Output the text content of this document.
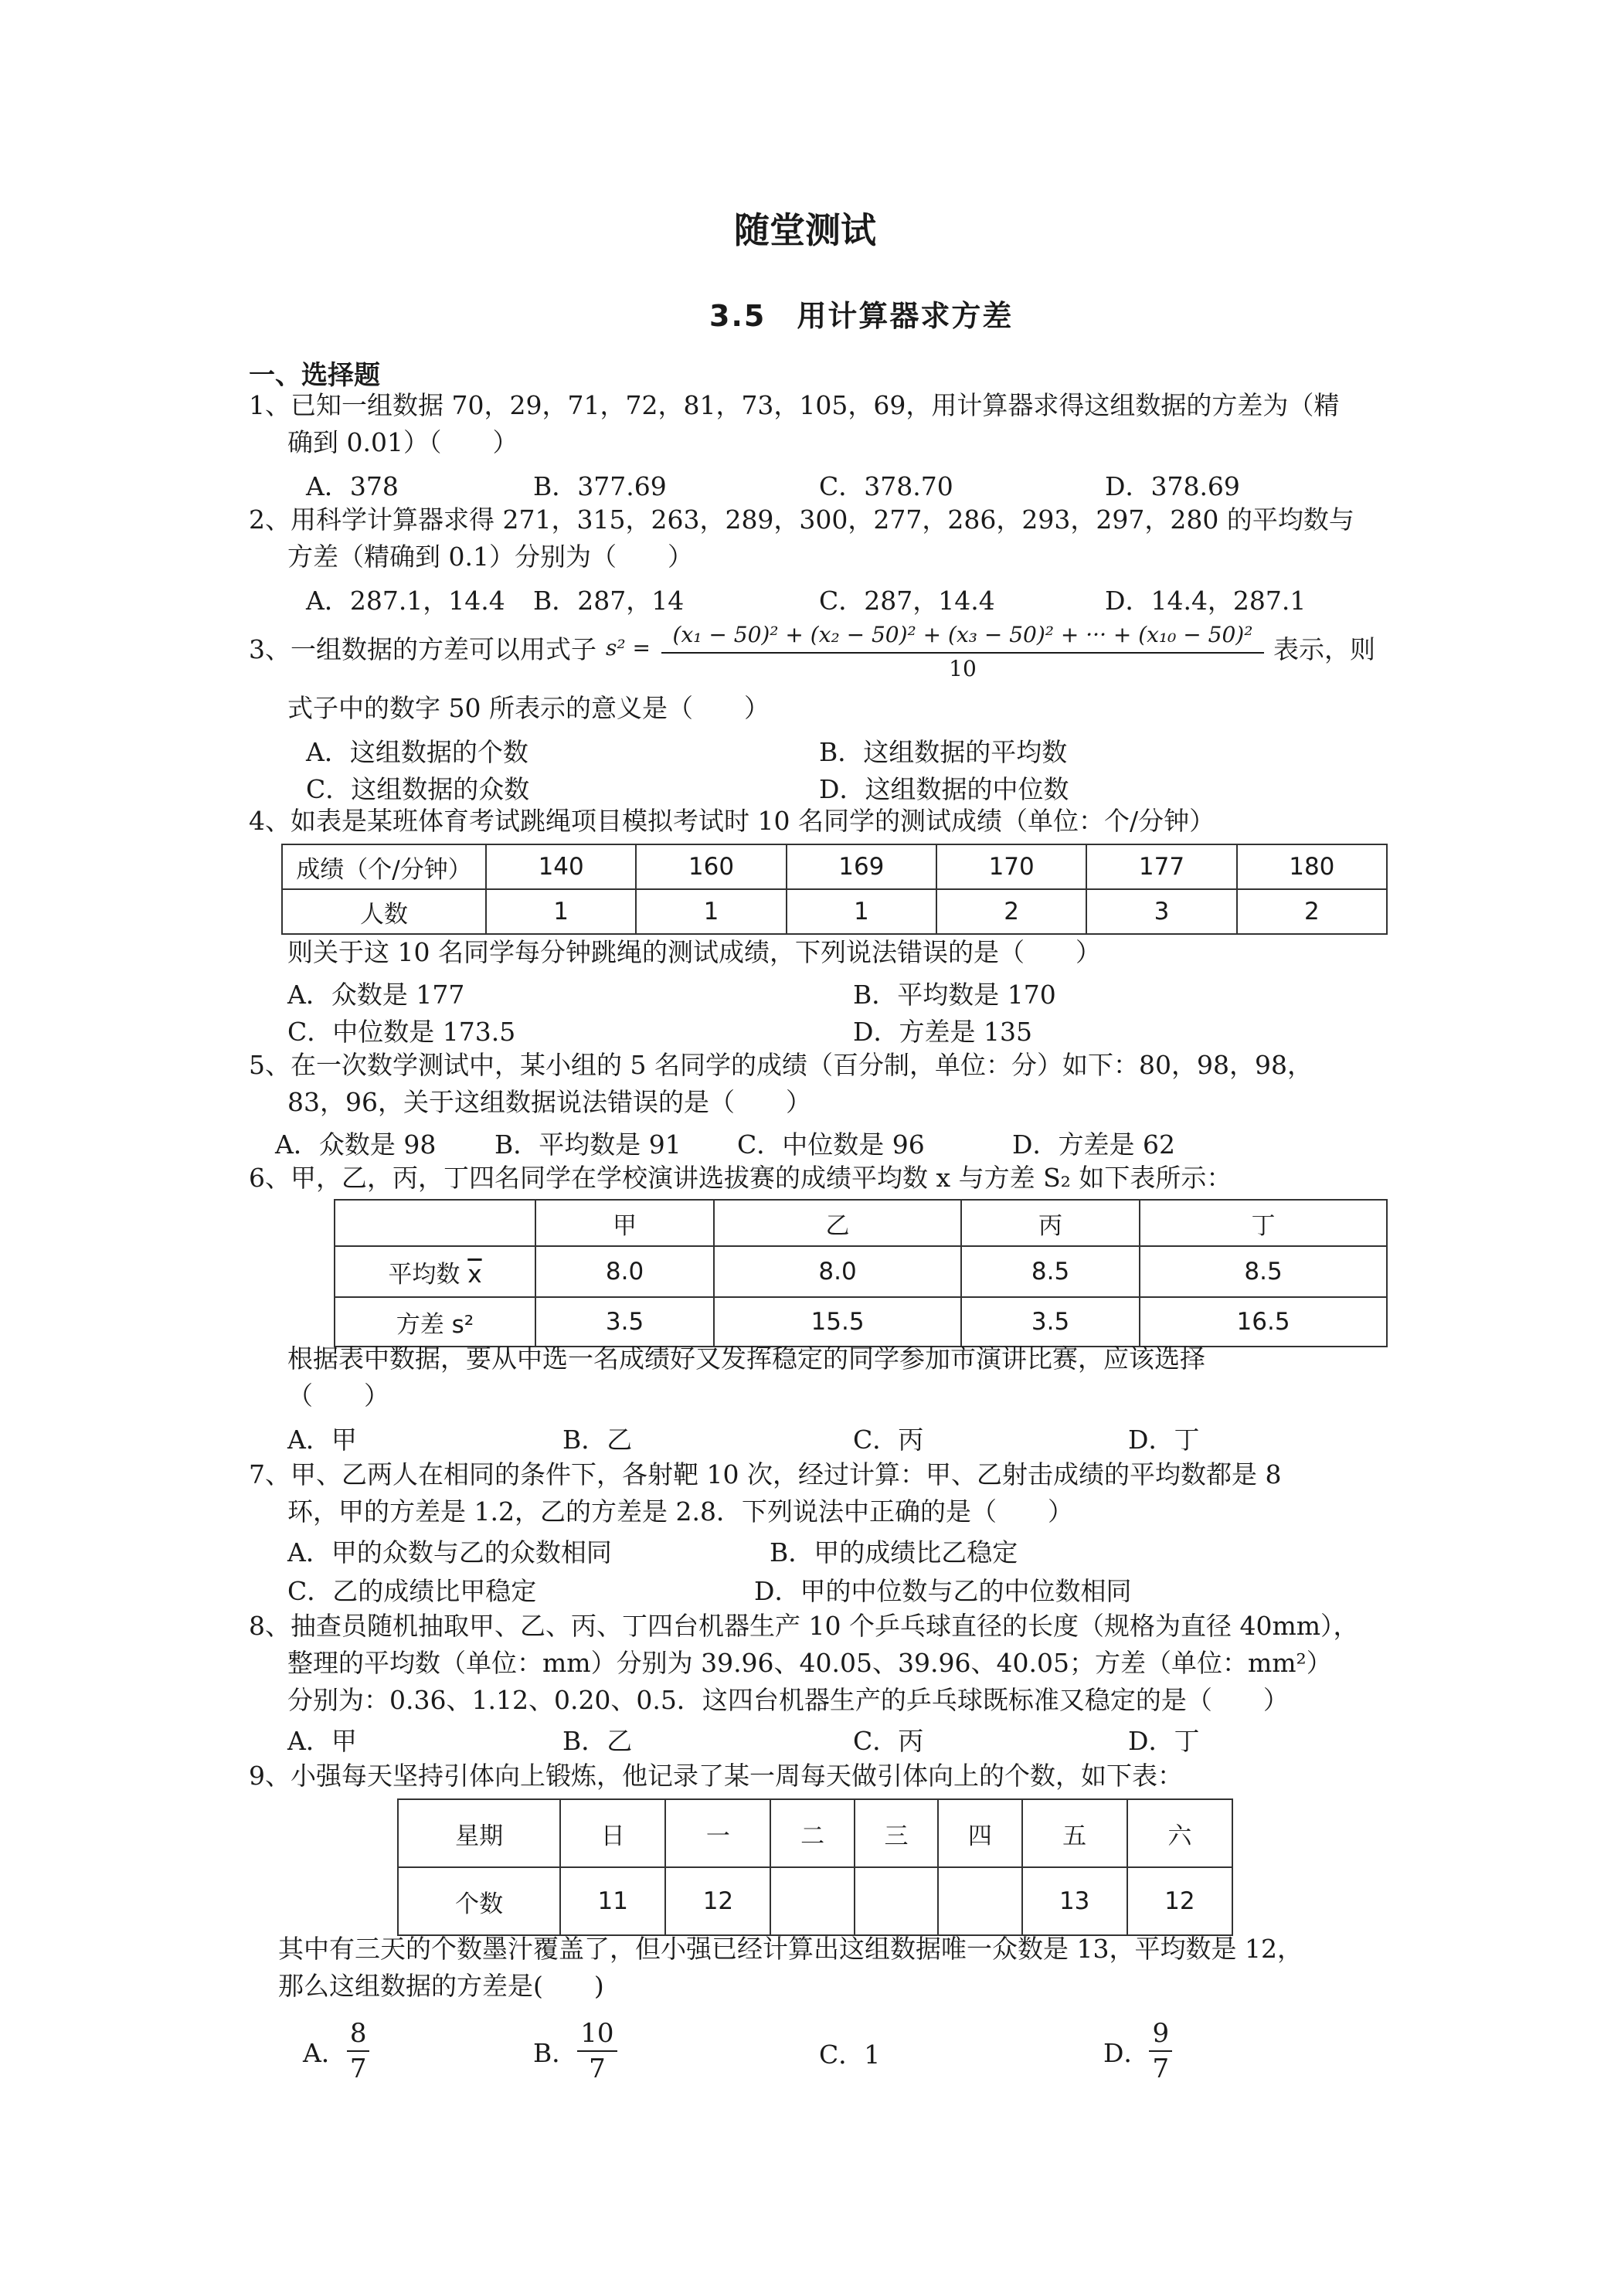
随堂测试
3.5　用计算器求方差
一、选择题
1、已知一组数据 70，29，71，72，81，73，105，69，用计算器求得这组数据的方差为（精
确到 0.01）（　　）
A．378	B．377.69	C．378.70	D．378.69
2、用科学计算器求得 271，315，263，289，300，277，286，293，297，280 的平均数与
方差（精确到 0.1）分别为（　　）
A．287.1，14.4 B．287，14	C．287，14.4	D．14.4，287.1
3、一组数据的方差可以用式子 $s^2 = \frac{\text{(x₁ − 50)² + (x₂ − 50)² + (x₃ − 50)² + ··· + (x₁₀ − 50)²}}{10}$ 表示，则
式子中的数字 50 所表示的意义是（　　）
A．这组数据的个数	B．这组数据的平均数
C．这组数据的众数	D．这组数据的中位数
4、如表是某班体育考试跳绳项目模拟考试时 10 名同学的测试成绩（单位：个/分钟）
成绩（个/分钟）	140	160	169	170	177	180
人数	1	1	1	2	3	2
则关于这 10 名同学每分钟跳绳的测试成绩，下列说法错误的是（　　）
A．众数是 177	B．平均数是 170
C．中位数是 173.5	D．方差是 135
5、在一次数学测试中，某小组的 5 名同学的成绩（百分制，单位：分）如下：80，98，98，
83，96，关于这组数据说法错误的是（　　）
A．众数是 98 B．平均数是 91 C．中位数是 96	D．方差是 62
6、甲，乙，丙，丁四名同学在学校演讲选拔赛的成绩平均数 x 与方差 S₂ 如下表所示：
	甲	乙	丙	丁
平均数 $\overline{x}$	8.0	8.0	8.5	8.5
方差 s²	3.5	15.5	3.5	16.5
根据表中数据，要从中选一名成绩好又发挥稳定的同学参加市演讲比赛，应该选择
（　　）
A．甲	B．乙	C．丙	D．丁
7、甲、乙两人在相同的条件下，各射靶 10 次，经过计算：甲、乙射击成绩的平均数都是 8
环，甲的方差是 1.2，乙的方差是 2.8．下列说法中正确的是（　　）
A．甲的众数与乙的众数相同	B．甲的成绩比乙稳定
C．乙的成绩比甲稳定	D．甲的中位数与乙的中位数相同
8、抽查员随机抽取甲、乙、丙、丁四台机器生产 10 个乒乓球直径的长度（规格为直径 40mm），
整理的平均数（单位：mm）分别为 39.96、40.05、39.96、40.05；方差（单位：mm²）
分别为：0.36、1.12、0.20、0.5．这四台机器生产的乒乓球既标准又稳定的是（　　）
A．甲	B．乙	C．丙	D．丁
9、小强每天坚持引体向上锻炼，他记录了某一周每天做引体向上的个数，如下表：
星期	日	一	二	三	四	五	六
个数	11	12				13	12
其中有三天的个数墨汁覆盖了，但小强已经计算出这组数据唯一众数是 13，平均数是 12，
那么这组数据的方差是(　　)
A． $\frac{8}{7}$	B． $\frac{10}{7}$	C．1	D． $\frac{9}{7}$
